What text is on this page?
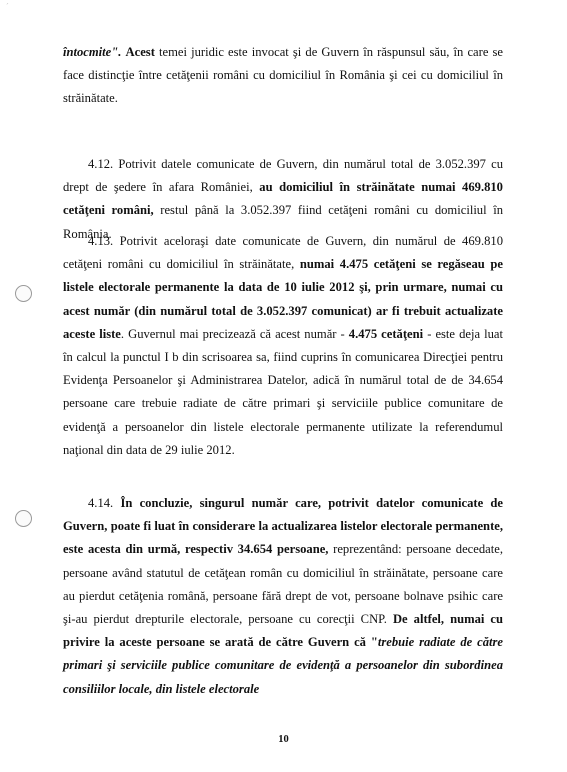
´

întocmite". Acest temei juridic este invocat şi de Guvern în răspunsul său, în care se face distincţie între cetăţenii români cu domiciliul în România şi cei cu domiciliul în străinătate.

4.12. Potrivit datele comunicate de Guvern, din numărul total de 3.052.397 cu drept de şedere în afara României, au domiciliul în străinătate numai 469.810 cetăţeni români, restul până la 3.052.397 fiind cetăţeni români cu domiciliul în România.

4.13. Potrivit aceloraşi date comunicate de Guvern, din numărul de 469.810 cetăţeni români cu domiciliul în străinătate, numai 4.475 cetăţeni se regăseau pe listele electorale permanente la data de 10 iulie 2012 şi, prin urmare, numai cu acest număr (din numărul total de 3.052.397 comunicat) ar fi trebuit actualizate aceste liste. Guvernul mai precizează că acest număr - 4.475 cetăţeni - este deja luat în calcul la punctul I b din scrisoarea sa, fiind cuprins în comunicarea Direcţiei pentru Evidenţa Persoanelor şi Administrarea Datelor, adică în numărul total de de 34.654 persoane care trebuie radiate de către primari şi serviciile publice comunitare de evidenţă a persoanelor din listele electorale permanente utilizate la referendumul naţional din data de 29 iulie 2012.

4.14. În concluzie, singurul număr care, potrivit datelor comunicate de Guvern, poate fi luat în considerare la actualizarea listelor electorale permanente, este acesta din urmă, respectiv 34.654 persoane, reprezentând: persoane decedate, persoane având statutul de cetăţean român cu domiciliul în străinătate, persoane care au pierdut cetăţenia română, persoane fără drept de vot, persoane bolnave psihic care şi-au pierdut drepturile electorale, persoane cu corecţii CNP. De altfel, numai cu privire la aceste persoane se arată de către Guvern că "trebuie radiate de către primari şi serviciile publice comunitare de evidenţă a persoanelor din subordinea consiliilor locale, din listele electorale

10
